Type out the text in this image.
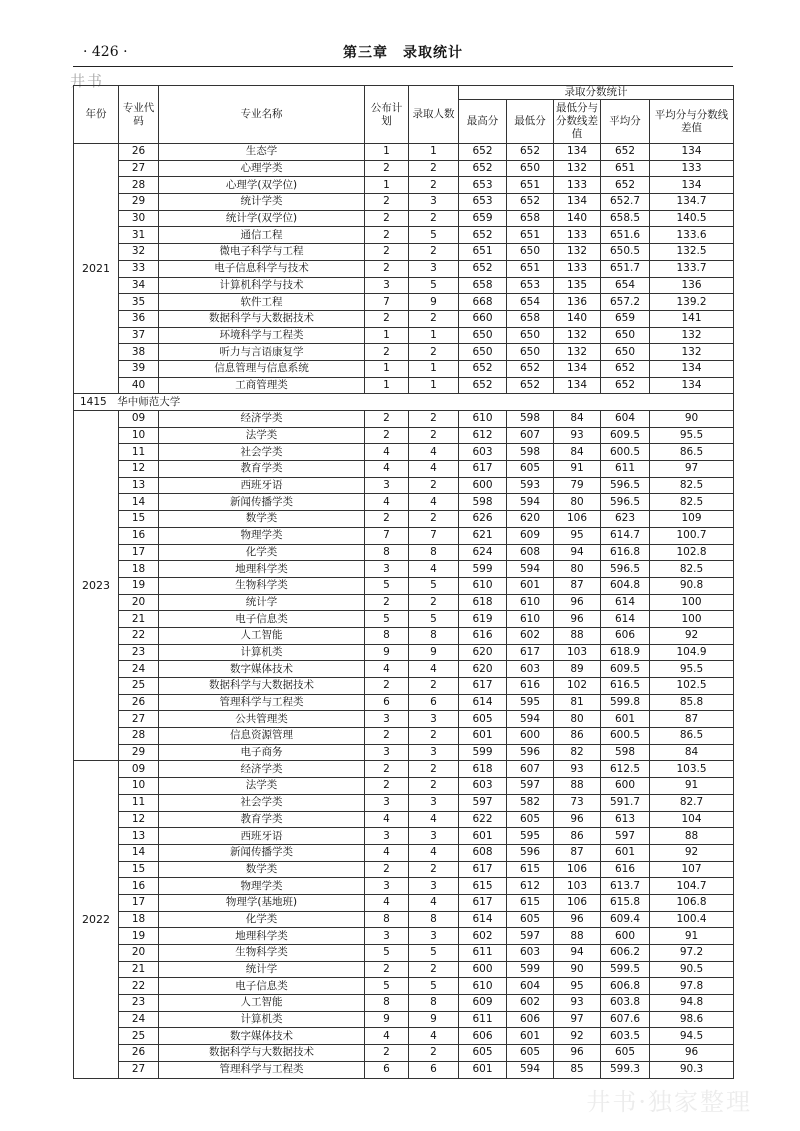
· 426 ·	第三章　录取统计
井书
年份	专业代码	专业名称	公布计划	录取人数	录取分数统计				
					最高分	最低分	最低分与分数线差值	平均分	平均分与分数线差值
2021	26	生态学	1	1	652	652	134	652	134
	27	心理学类	2	2	652	650	132	651	133
	28	心理学(双学位)	1	2	653	651	133	652	134
	29	统计学类	2	3	653	652	134	652.7	134.7
	30	统计学(双学位)	2	2	659	658	140	658.5	140.5
	31	通信工程	2	5	652	651	133	651.6	133.6
	32	微电子科学与工程	2	2	651	650	132	650.5	132.5
	33	电子信息科学与技术	2	3	652	651	133	651.7	133.7
	34	计算机科学与技术	3	5	658	653	135	654	136
	35	软件工程	7	9	668	654	136	657.2	139.2
	36	数据科学与大数据技术	2	2	660	658	140	659	141
	37	环境科学与工程类	1	1	650	650	132	650	132
	38	听力与言语康复学	2	2	650	650	132	650	132
	39	信息管理与信息系统	1	1	652	652	134	652	134
	40	工商管理类	1	1	652	652	134	652	134
1415　华中师范大学									
2023	09	经济学类	2	2	610	598	84	604	90
	10	法学类	2	2	612	607	93	609.5	95.5
	11	社会学类	4	4	603	598	84	600.5	86.5
	12	教育学类	4	4	617	605	91	611	97
	13	西班牙语	3	2	600	593	79	596.5	82.5
	14	新闻传播学类	4	4	598	594	80	596.5	82.5
	15	数学类	2	2	626	620	106	623	109
	16	物理学类	7	7	621	609	95	614.7	100.7
	17	化学类	8	8	624	608	94	616.8	102.8
	18	地理科学类	3	4	599	594	80	596.5	82.5
	19	生物科学类	5	5	610	601	87	604.8	90.8
	20	统计学	2	2	618	610	96	614	100
	21	电子信息类	5	5	619	610	96	614	100
	22	人工智能	8	8	616	602	88	606	92
	23	计算机类	9	9	620	617	103	618.9	104.9
	24	数字媒体技术	4	4	620	603	89	609.5	95.5
	25	数据科学与大数据技术	2	2	617	616	102	616.5	102.5
	26	管理科学与工程类	6	6	614	595	81	599.8	85.8
	27	公共管理类	3	3	605	594	80	601	87
	28	信息资源管理	2	2	601	600	86	600.5	86.5
	29	电子商务	3	3	599	596	82	598	84
2022	09	经济学类	2	2	618	607	93	612.5	103.5
	10	法学类	2	2	603	597	88	600	91
	11	社会学类	3	3	597	582	73	591.7	82.7
	12	教育学类	4	4	622	605	96	613	104
	13	西班牙语	3	3	601	595	86	597	88
	14	新闻传播学类	4	4	608	596	87	601	92
	15	数学类	2	2	617	615	106	616	107
	16	物理学类	3	3	615	612	103	613.7	104.7
	17	物理学(基地班)	4	4	617	615	106	615.8	106.8
	18	化学类	8	8	614	605	96	609.4	100.4
	19	地理科学类	3	3	602	597	88	600	91
	20	生物科学类	5	5	611	603	94	606.2	97.2
	21	统计学	2	2	600	599	90	599.5	90.5
	22	电子信息类	5	5	610	604	95	606.8	97.8
	23	人工智能	8	8	609	602	93	603.8	94.8
	24	计算机类	9	9	611	606	97	607.6	98.6
	25	数字媒体技术	4	4	606	601	92	603.5	94.5
	26	数据科学与大数据技术	2	2	605	605	96	605	96
	27	管理科学与工程类	6	6	601	594	85	599.3	90.3
井书·独家整理
